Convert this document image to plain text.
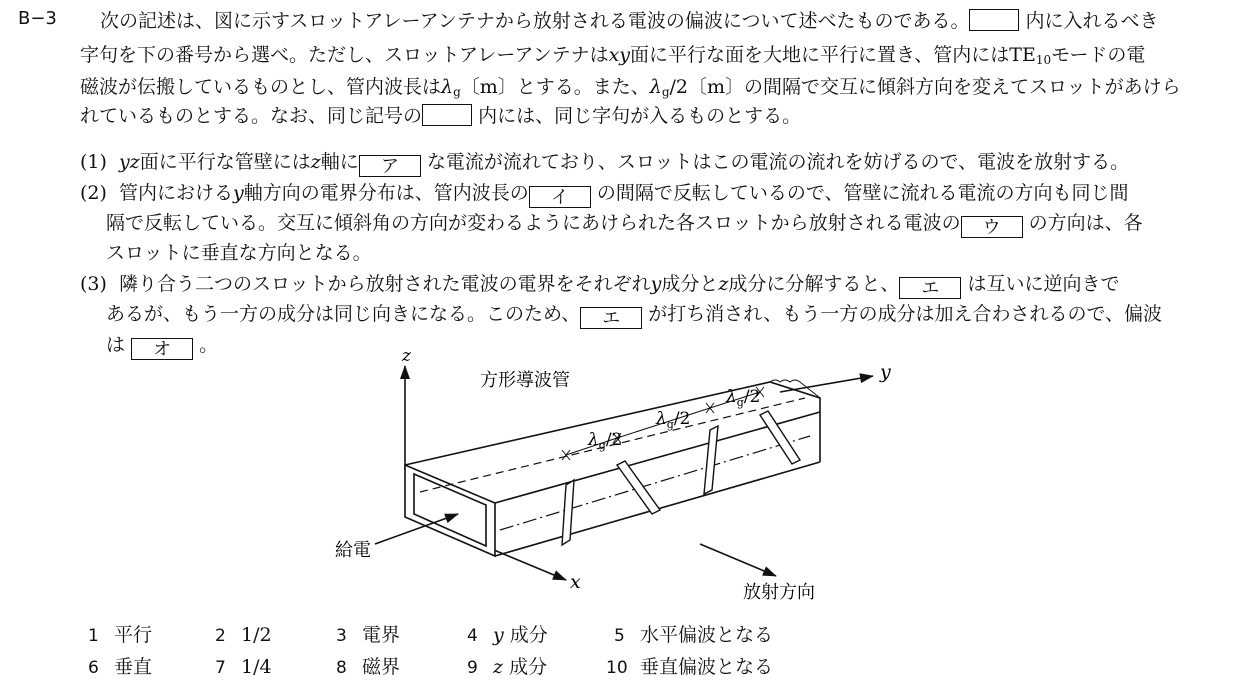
B−3 次の記述は、図に示すスロットアレーアンテナから放射される電波の偏波について述べたものである。	内に入れるべき
字句を下の番号から選べ。ただし、スロットアレーアンテナはxy面に平行な面を大地に平行に置き、管内には$TE_{10}$モードの電
磁波が伝搬しているものとし、管内波長は$\lambda_g$〔m〕とする。また、$\lambda_g/2$〔m〕の間隔で交互に傾斜方向を変えてスロットがあけら
れているものとする。なお、同じ記号の	内には、同じ字句が入るものとする。
(1) yz面に平行な管壁にはz軸に ア な電流が流れており、スロットはこの電流の流れを妨げるので、電波を放射する。
(2) 管内におけるy軸方向の電界分布は、管内波長の イ の間隔で反転しているので、管壁に流れる電流の方向も同じ間
隔で反転している。交互に傾斜角の方向が変わるようにあけられた各スロットから放射される電波の ウ の方向は、各
スロットに垂直な方向となる。
(3) 隣り合う二つのスロットから放射された電波の電界をそれぞれy成分とz成分に分解すると、 エ は互いに逆向きで
あるが、もう一方の成分は同じ向きになる。このため、 エ が打ち消され、もう一方の成分は加え合わされるので、偏波
は オ 。	z
y
x
方形導波管
給電
放射方向
$\lambda_g/2$
$\lambda_g/2$
$\lambda_g/2$
1 平行	2 1/2	3 電界	4 y 成分	5 水平偏波となる
6 垂直	7 1/4	8 磁界	9 z 成分	10 垂直偏波となる
